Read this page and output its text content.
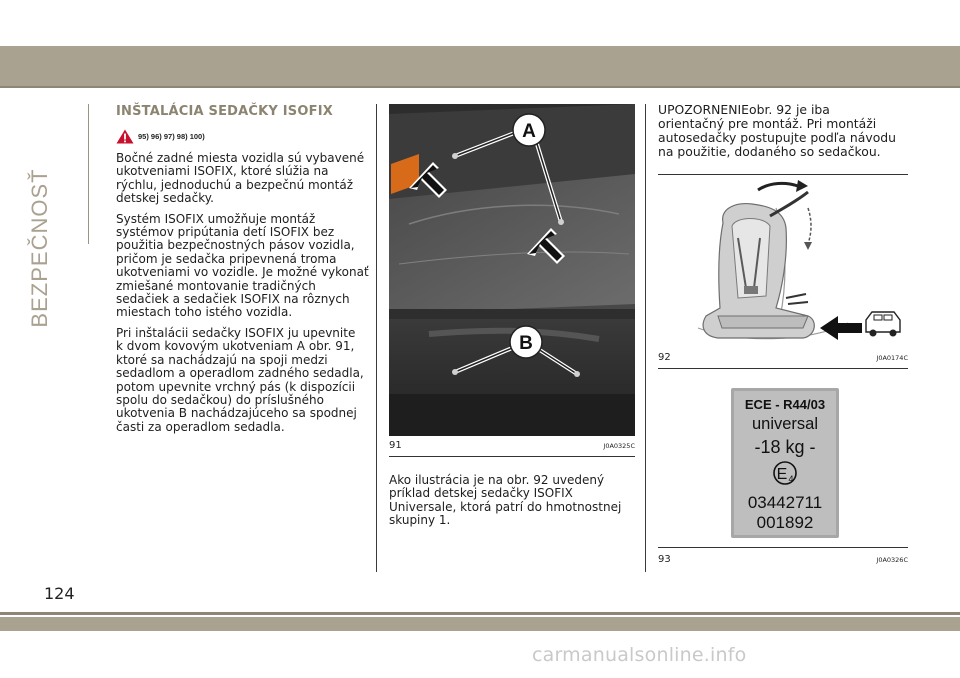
BEZPEČNOSŤ
INŠTALÁCIA SEDAČKY ISOFIX
95) 96) 97) 98) 100)

Bočné zadné miesta vozidla sú vybavené
ukotveniami ISOFIX, ktoré slúžia na
rýchlu, jednoduchú a bezpečnú montáž
detskej sedačky.

Systém ISOFIX umožňuje montáž
systémov pripútania detí ISOFIX bez
použitia bezpečnostných pásov vozidla,
pričom je sedačka pripevnená troma
ukotveniami vo vozidle. Je možné vykonať
zmiešané montovanie tradičných
sedačiek a sedačiek ISOFIX na rôznych
miestach toho istého vozidla.

Pri inštalácii sedačky ISOFIX ju upevnite
k dvom kovovým ukotveniam A obr. 91,
ktoré sa nachádzajú na spoji medzi
sedadlom a operadlom zadného sedadla,
potom upevnite vrchný pás (k dispozícii
spolu do sedačkou) do príslušného
ukotvenia B nachádzajúceho sa spodnej
časti za operadlom sedadla.

A
B
91	J0A0325C

Ako ilustrácia je na obr. 92 uvedený
príklad detskej sedačky ISOFIX
Universale, ktorá patrí do hmotnostnej
skupiny 1.

UPOZORNENIEobr. 92 je iba
orientačný pre montáž. Pri montáži
autosedačky postupujte podľa návodu
na použitie, dodaného so sedačkou.

92	J0A0174C
ECE - R44/03
universal
-18 kg -
E 4
03442711
001892
93	J0A0326C
124
carmanualsonline.info
